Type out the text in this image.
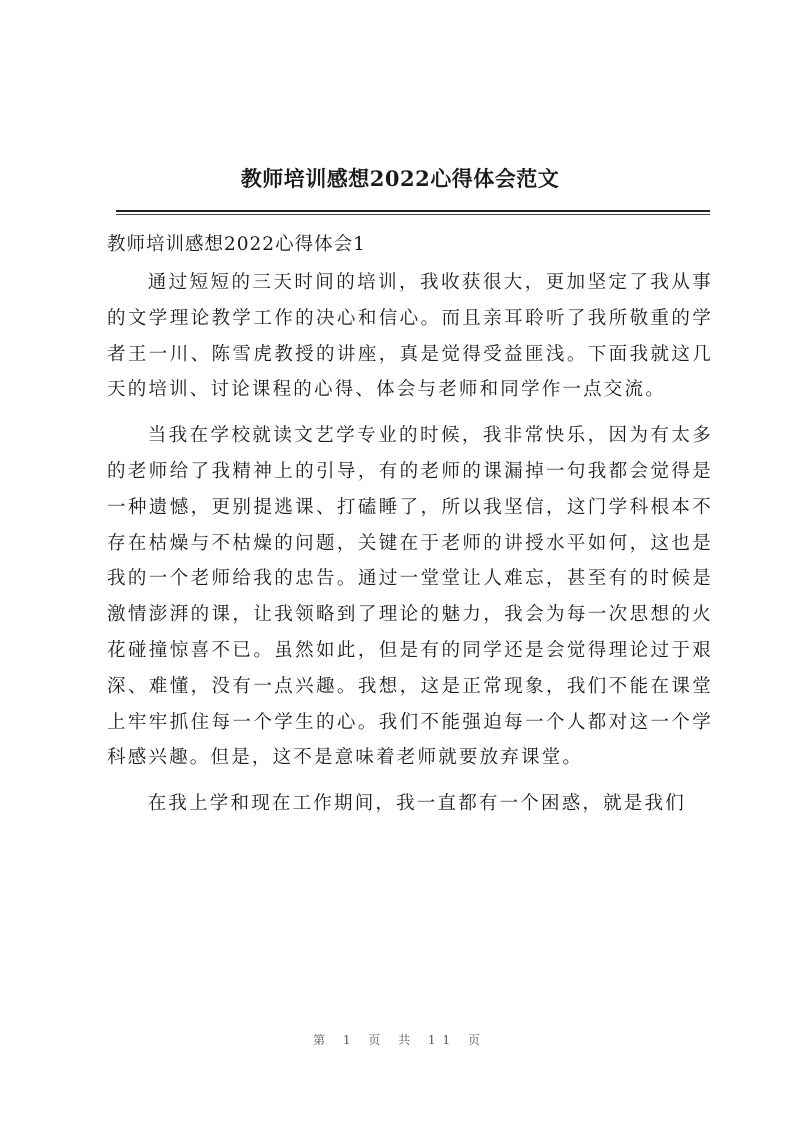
教师培训感想2022心得体会范文
教师培训感想2022心得体会1

通过短短的三天时间的培训，我收获很大，更加坚定了我从事的文学理论教学工作的决心和信心。而且亲耳聆听了我所敬重的学者王一川、陈雪虎教授的讲座，真是觉得受益匪浅。下面我就这几天的培训、讨论课程的心得、体会与老师和同学作一点交流。

当我在学校就读文艺学专业的时候，我非常快乐，因为有太多的老师给了我精神上的引导，有的老师的课漏掉一句我都会觉得是一种遗憾，更别提逃课、打磕睡了，所以我坚信，这门学科根本不存在枯燥与不枯燥的问题，关键在于老师的讲授水平如何，这也是我的一个老师给我的忠告。通过一堂堂让人难忘，甚至有的时候是激情澎湃的课，让我领略到了理论的魅力，我会为每一次思想的火花碰撞惊喜不已。虽然如此，但是有的同学还是会觉得理论过于艰深、难懂，没有一点兴趣。我想，这是正常现象，我们不能在课堂上牢牢抓住每一个学生的心。我们不能强迫每一个人都对这一个学科感兴趣。但是，这不是意味着老师就要放弃课堂。

在我上学和现在工作期间，我一直都有一个困惑，就是我们

第 1 页 共 11 页
